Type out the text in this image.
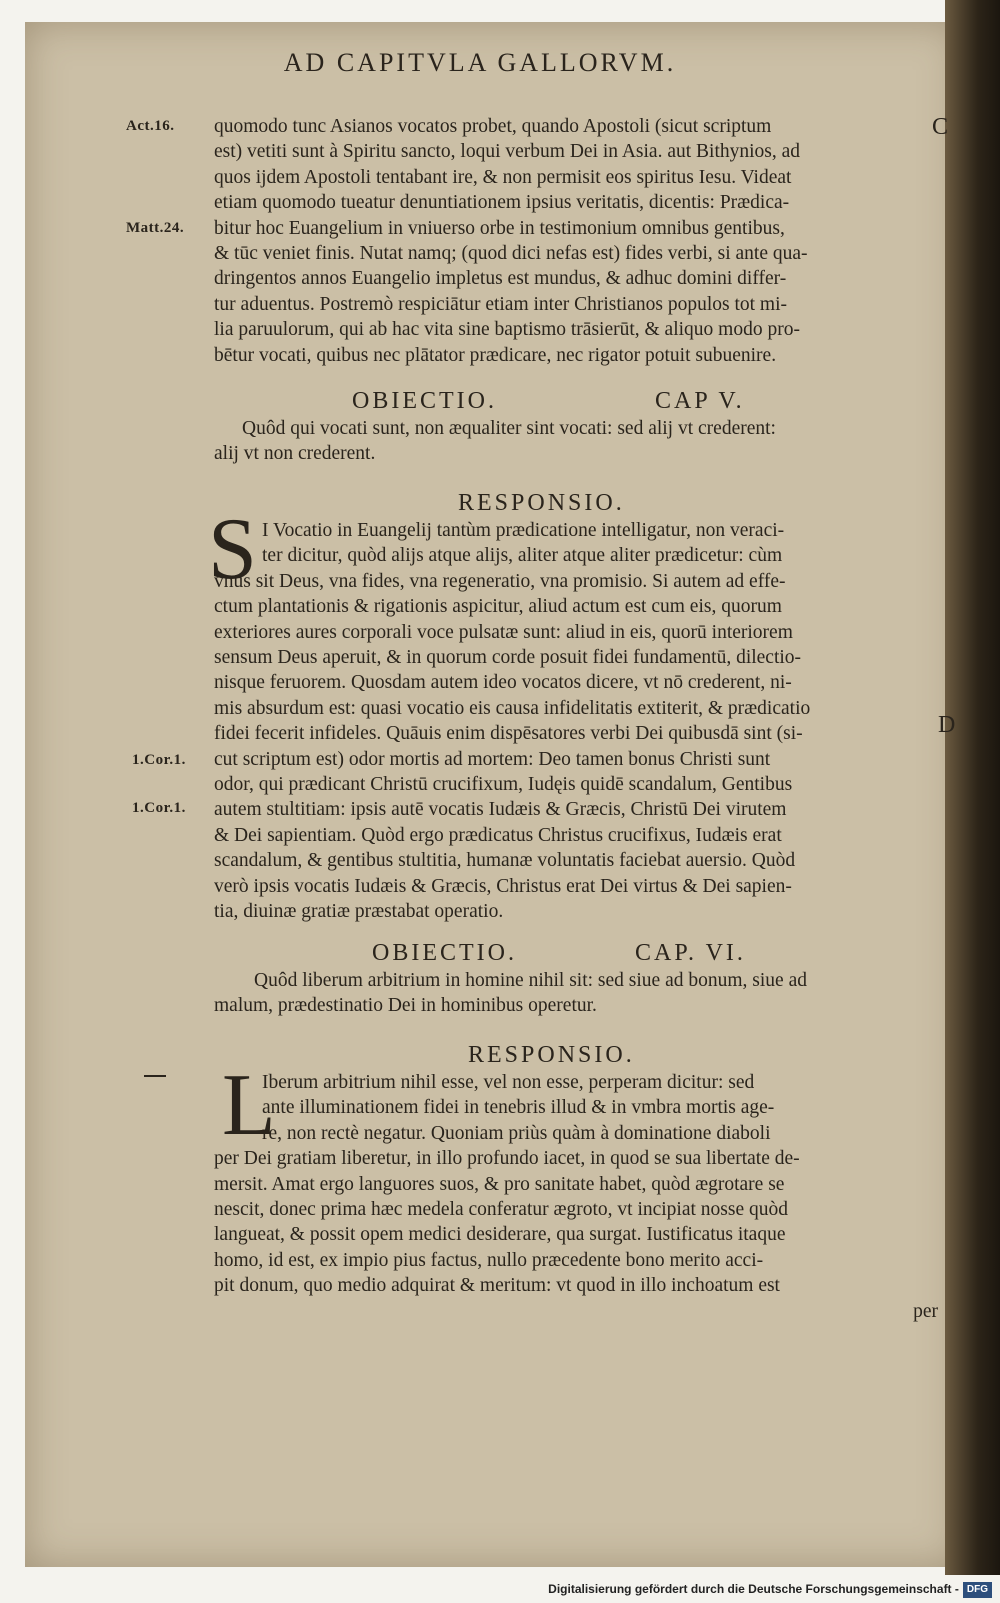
AD CAPITVLA GALLORVM.
Act.16.
Matt.24.
1.Cor.1.
1.Cor.1.
C
D

quomodo tunc Asianos vocatos probet, quando Apostoli (sicut scriptum

est) vetiti sunt à Spiritu sancto, loqui verbum Dei in Asia. aut Bithynios, ad

quos ijdem Apostoli tentabant ire, & non permisit eos spiritus Iesu. Videat

etiam quomodo tueatur denuntiationem ipsius veritatis, dicentis: Prædica-

bitur hoc Euangelium in vniuerso orbe in testimonium omnibus gentibus,

& tūc veniet finis. Nutat namq; (quod dici nefas est) fides verbi, si ante qua-

dringentos annos Euangelio impletus est mundus, & adhuc domini differ-

tur aduentus. Postremò respiciātur etiam inter Christianos populos tot mi-

lia paruulorum, qui ab hac vita sine baptismo trāsierūt, & aliquo modo pro-

bētur vocati, quibus nec plātator prædicare, nec rigator potuit subuenire.

OBIECTIO.	CAP V.

Quôd qui vocati sunt, non æqualiter sint vocati: sed alij vt crederent:

alij vt non crederent.

RESPONSIO.
S I Vocatio in Euangelij tantùm prædicatione intelligatur, non veraci-

ter dicitur, quòd alijs atque alijs, aliter atque aliter prædicetur: cùm

vnus sit Deus, vna fides, vna regeneratio, vna promisio. Si autem ad effe-

ctum plantationis & rigationis aspicitur, aliud actum est cum eis, quorum

exteriores aures corporali voce pulsatæ sunt: aliud in eis, quorū interiorem

sensum Deus aperuit, & in quorum corde posuit fidei fundamentū, dilectio-

nisque feruorem. Quosdam autem ideo vocatos dicere, vt nō crederent, ni-

mis absurdum est: quasi vocatio eis causa infidelitatis extiterit, & prædicatio

fidei fecerit infideles. Quāuis enim dispēsatores verbi Dei quibusdā sint (si-

cut scriptum est) odor mortis ad mortem: Deo tamen bonus Christi sunt

odor, qui prædicant Christū crucifixum, Iudęis quidē scandalum, Gentibus

autem stultitiam: ipsis autē vocatis Iudæis & Græcis, Christū Dei virutem

& Dei sapientiam. Quòd ergo prædicatus Christus crucifixus, Iudæis erat

scandalum, & gentibus stultitia, humanæ voluntatis faciebat auersio. Quòd

verò ipsis vocatis Iudæis & Græcis, Christus erat Dei virtus & Dei sapien-

tia, diuinæ gratiæ præstabat operatio.

OBIECTIO.	CAP. VI.

Quôd liberum arbitrium in homine nihil sit: sed siue ad bonum, siue ad

malum, prædestinatio Dei in hominibus operetur.

RESPONSIO.
L

Iberum arbitrium nihil esse, vel non esse, perperam dicitur: sed

ante illuminationem fidei in tenebris illud & in vmbra mortis age-

re, non rectè negatur. Quoniam priùs quàm à dominatione diaboli

per Dei gratiam liberetur, in illo profundo iacet, in quod se sua libertate de-

mersit. Amat ergo languores suos, & pro sanitate habet, quòd ægrotare se

nescit, donec prima hæc medela conferatur ægroto, vt incipiat nosse quòd

langueat, & possit opem medici desiderare, qua surgat. Iustificatus itaque

homo, id est, ex impio pius factus, nullo præcedente bono merito acci-

pit donum, quo medio adquirat & meritum: vt quod in illo inchoatum est

per

Digitalisierung gefördert durch die Deutsche Forschungsgemeinschaft - DFG
